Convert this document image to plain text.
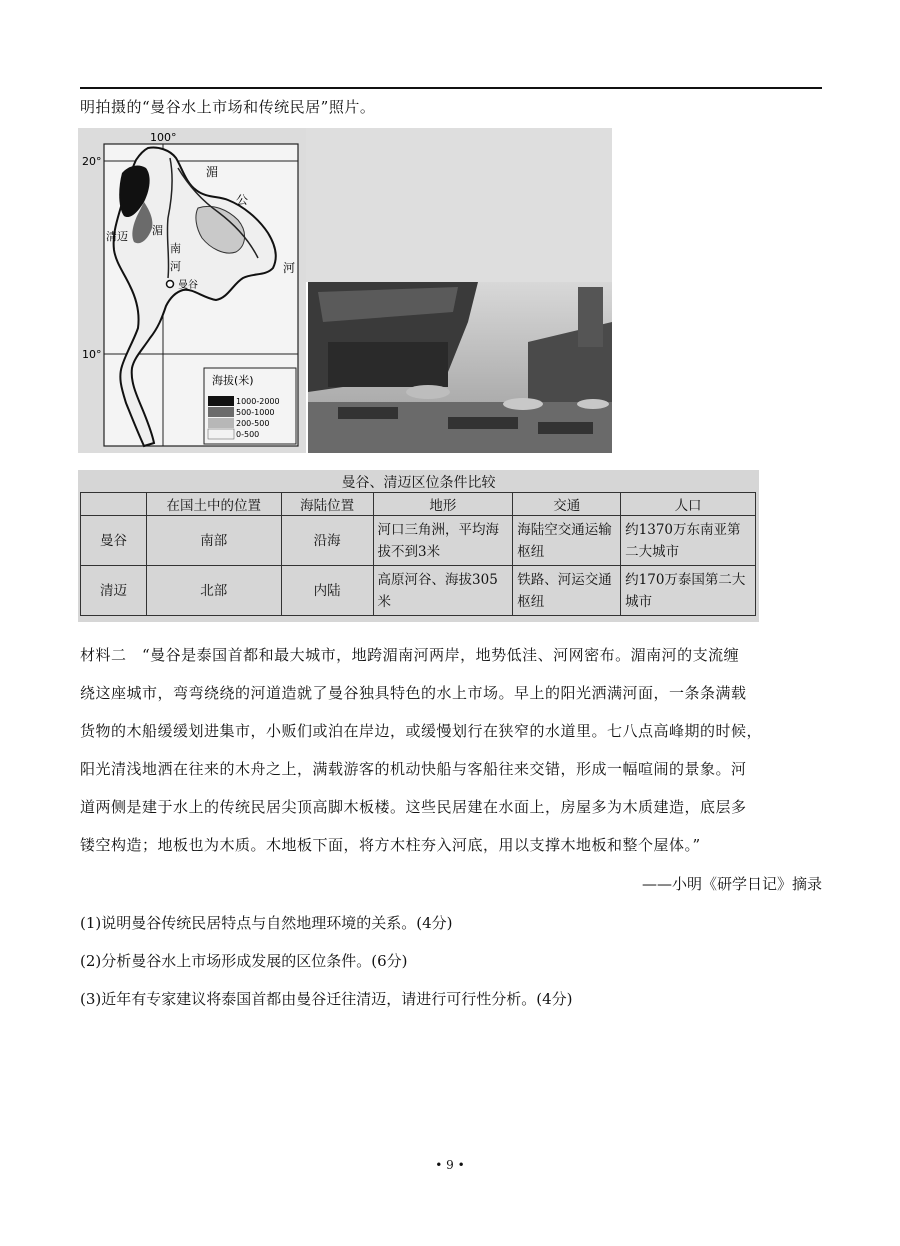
明拍摄的“曼谷水上市场和传统民居”照片。
海拔(米)
1000-2000
500-1000
200-500
0-500
100°
20°
10°
湄
公
清迈 湄
南
河	河
曼谷
曼谷、清迈区位条件比较
	在国土中的位置	海陆位置	地形	交通	人口
曼谷	南部	沿海	河口三角洲，平均海拔不到3米	海陆空交通运输枢纽	约1370万东南亚第二大城市
清迈	北部	内陆	高原河谷、海拔305米	铁路、河运交通枢纽	约170万泰国第二大城市
材料二　“曼谷是泰国首都和最大城市，地跨湄南河两岸，地势低洼、河网密布。湄南河的支流缠
绕这座城市，弯弯绕绕的河道造就了曼谷独具特色的水上市场。早上的阳光洒满河面，一条条满载
货物的木船缓缓划进集市，小贩们或泊在岸边，或缓慢划行在狭窄的水道里。七八点高峰期的时候，
阳光清浅地洒在往来的木舟之上，满载游客的机动快船与客船往来交错，形成一幅喧闹的景象。河
道两侧是建于水上的传统民居尖顶高脚木板楼。这些民居建在水面上，房屋多为木质建造，底层多
镂空构造；地板也为木质。木地板下面，将方木柱夯入河底，用以支撑木地板和整个屋体。”
——小明《研学日记》摘录
(1)说明曼谷传统民居特点与自然地理环境的关系。(4分)
(2)分析曼谷水上市场形成发展的区位条件。(6分)
(3)近年有专家建议将泰国首都由曼谷迁往清迈，请进行可行性分析。(4分)
• 9 •
